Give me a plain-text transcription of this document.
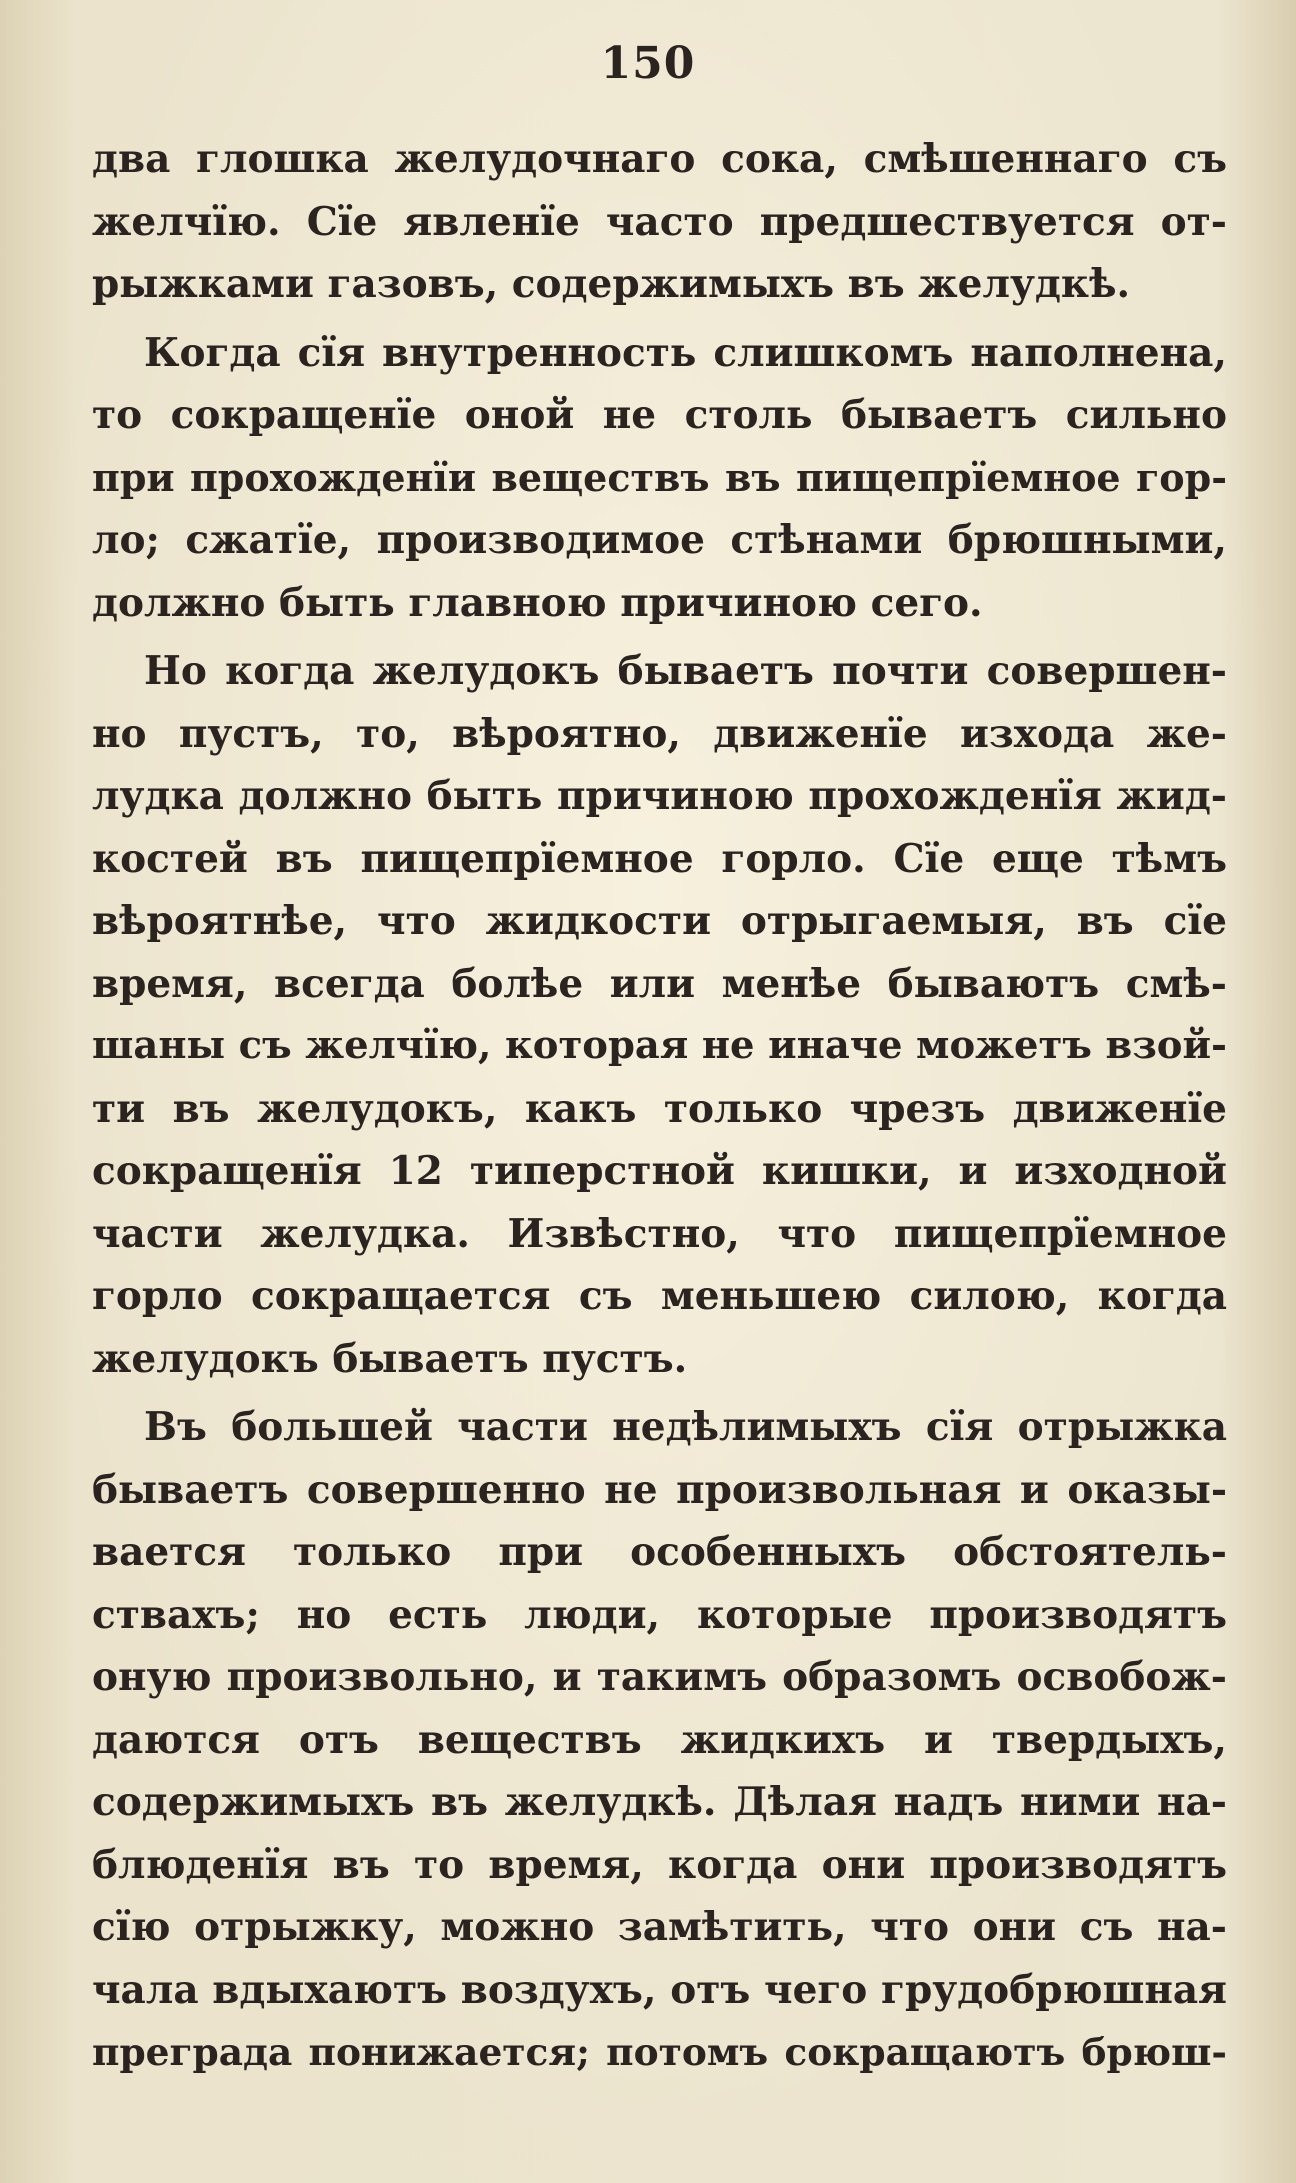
150
два глошка желудочнаго сока, смѣшеннаго съ
желчїю. Сїе явленїе часто предшествуется от-
рыжками газовъ, содержимыхъ въ желудкѣ.
Когда сїя внутренность слишкомъ наполнена,
то сокращенїе оной не столь бываетъ сильно
при прохожденїи веществъ въ пищепрїемное гор-
ло; сжатїе, производимое стѣнами брюшными,
должно быть главною причиною сего.
Но когда желудокъ бываетъ почти совершен-
но пустъ, то, вѣроятно, движенїе изхода же-
лудка должно быть причиною прохожденїя жид-
костей въ пищепрїемное горло. Сїе еще тѣмъ
вѣроятнѣе, что жидкости отрыгаемыя, въ сїе
время, всегда болѣе или менѣе бываютъ смѣ-
шаны съ желчїю, которая не иначе можетъ взой-
ти въ желудокъ, какъ только чрезъ движенїе
сокращенїя 12 типерстной кишки, и изходной
части желудка. Извѣстно, что пищепрїемное
горло сокращается съ меньшею силою, когда
желудокъ бываетъ пустъ.
Въ большей части недѣлимыхъ сїя отрыжка
бываетъ совершенно не произвольная и оказы-
вается только при особенныхъ обстоятель-
ствахъ; но есть люди, которые производятъ
оную произвольно, и такимъ образомъ освобож-
даются отъ веществъ жидкихъ и твердыхъ,
содержимыхъ въ желудкѣ. Дѣлая надъ ними на-
блюденїя въ то время, когда они производятъ
сїю отрыжку, можно замѣтить, что они съ на-
чала вдыхаютъ воздухъ, отъ чего грудобрюшная
преграда понижается; потомъ сокращаютъ брюш-
